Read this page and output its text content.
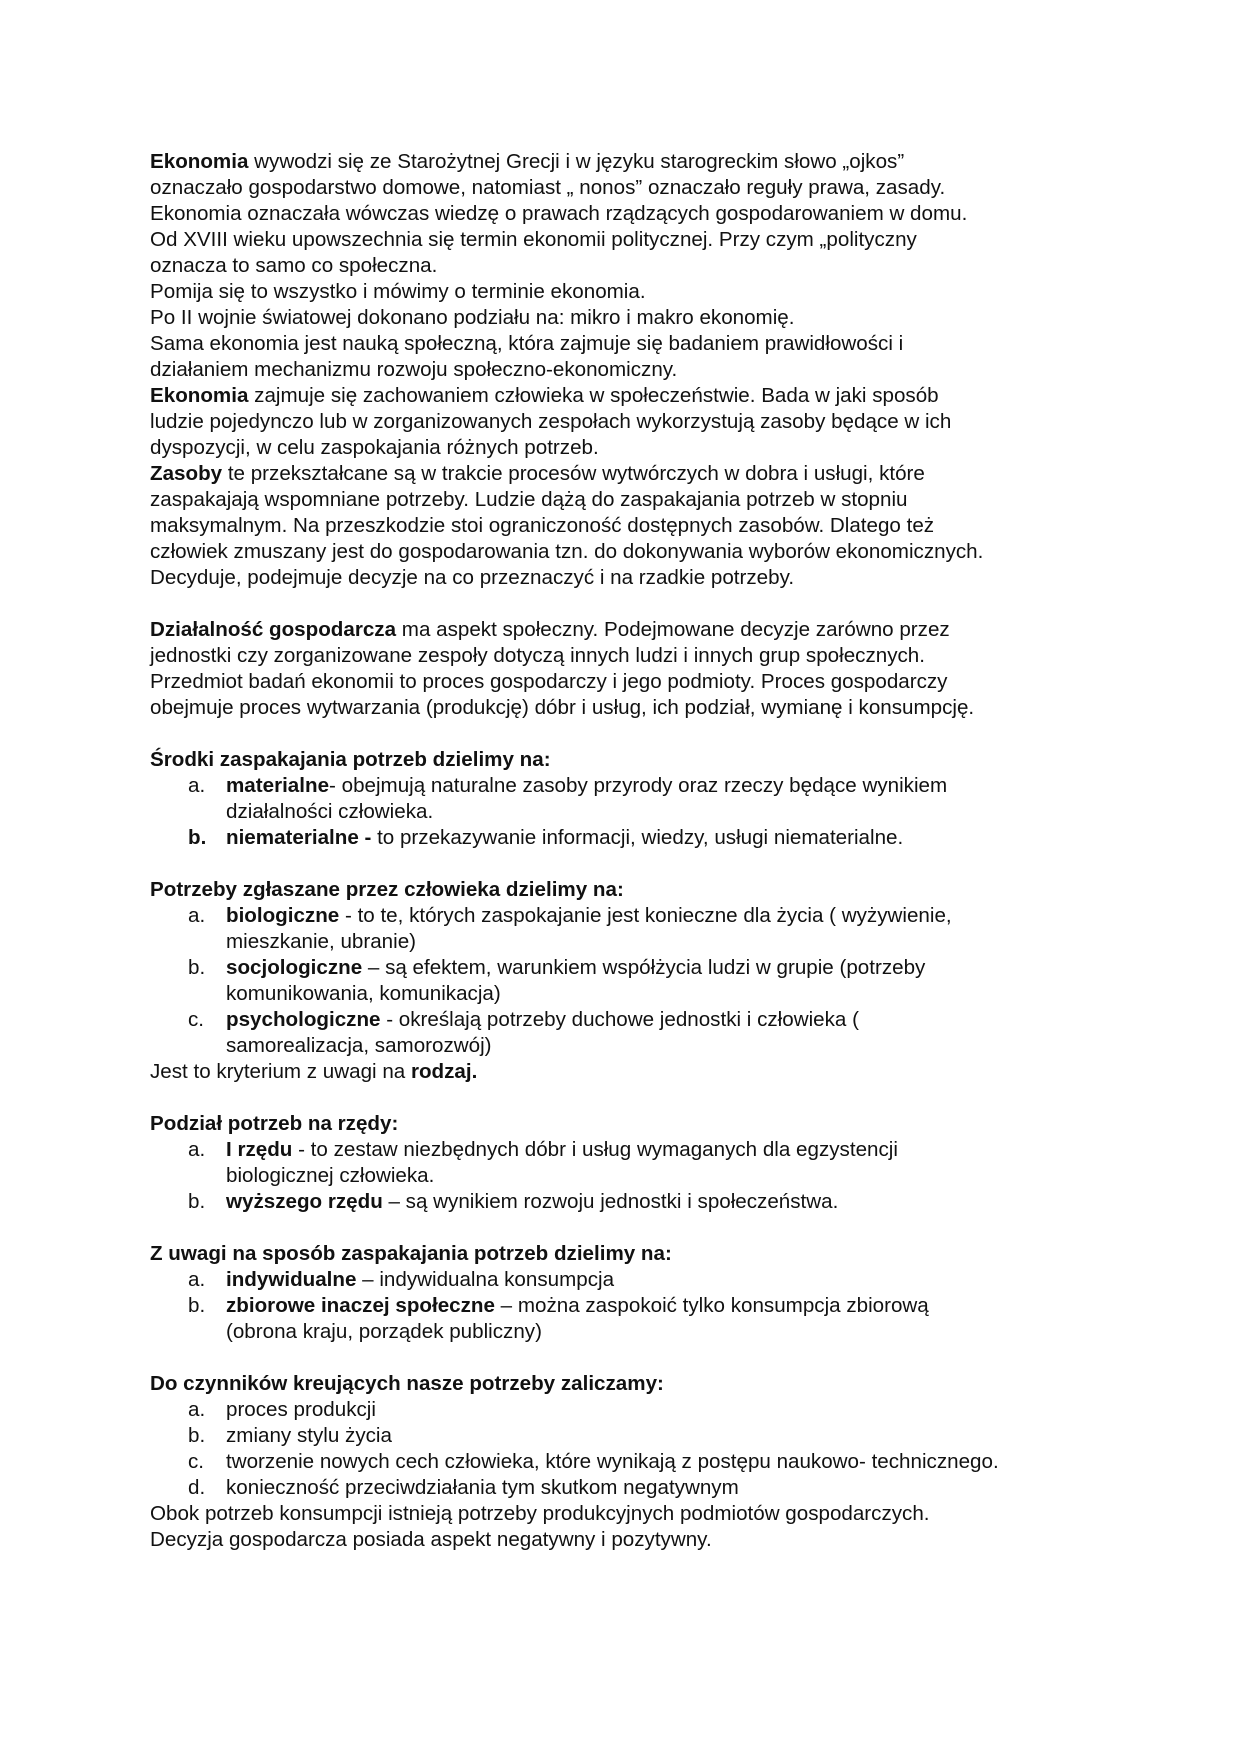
Ekonomia wywodzi się ze Starożytnej Grecji i w języku starogreckim słowo „ojkos”
oznaczało gospodarstwo domowe, natomiast „ nonos” oznaczało reguły prawa, zasady.
Ekonomia oznaczała wówczas wiedzę o prawach rządzących gospodarowaniem w domu.
Od XVIII wieku upowszechnia się termin ekonomii politycznej. Przy czym „polityczny
oznacza to samo co społeczna.
Pomija się to wszystko i mówimy o terminie ekonomia.
Po II wojnie światowej dokonano podziału na: mikro i makro ekonomię.
Sama ekonomia jest nauką społeczną, która zajmuje się badaniem prawidłowości i
działaniem mechanizmu rozwoju społeczno-ekonomiczny.
Ekonomia zajmuje się zachowaniem człowieka w społeczeństwie. Bada w jaki sposób
ludzie pojedynczo lub w zorganizowanych zespołach wykorzystują zasoby będące w ich
dyspozycji, w celu zaspokajania różnych potrzeb.
Zasoby te przekształcane są w trakcie procesów wytwórczych w dobra i usługi, które
zaspakajają wspomniane potrzeby. Ludzie dążą do zaspakajania potrzeb w stopniu
maksymalnym. Na przeszkodzie stoi ograniczoność dostępnych zasobów. Dlatego też
człowiek zmuszany jest do gospodarowania tzn. do dokonywania wyborów ekonomicznych.
Decyduje, podejmuje decyzje na co przeznaczyć i na rzadkie potrzeby.
Działalność gospodarcza ma aspekt społeczny. Podejmowane decyzje zarówno przez
jednostki czy zorganizowane zespoły dotyczą innych ludzi i innych grup społecznych.
Przedmiot badań ekonomii to proces gospodarczy i jego podmioty. Proces gospodarczy
obejmuje proces wytwarzania (produkcję) dóbr i usług, ich podział, wymianę i konsumpcję.
Środki zaspakajania potrzeb dzielimy na:
a. materialne- obejmują naturalne zasoby przyrody oraz rzeczy będące wynikiem
działalności człowieka.
b. niematerialne - to przekazywanie informacji, wiedzy, usługi niematerialne.
Potrzeby zgłaszane przez człowieka dzielimy na:
a. biologiczne - to te, których zaspokajanie jest konieczne dla życia ( wyżywienie,
mieszkanie, ubranie)
b. socjologiczne – są efektem, warunkiem współżycia ludzi w grupie (potrzeby
komunikowania, komunikacja)
c. psychologiczne - określają potrzeby duchowe jednostki i człowieka (
samorealizacja, samorozwój)
Jest to kryterium z uwagi na rodzaj.
Podział potrzeb na rzędy:
a. I rzędu - to zestaw niezbędnych dóbr i usług wymaganych dla egzystencji
biologicznej człowieka.
b. wyższego rzędu – są wynikiem rozwoju jednostki i społeczeństwa.
Z uwagi na sposób zaspakajania potrzeb dzielimy na:
a. indywidualne – indywidualna konsumpcja
b. zbiorowe inaczej społeczne – można zaspokoić tylko konsumpcja zbiorową
(obrona kraju, porządek publiczny)
Do czynników kreujących nasze potrzeby zaliczamy:
a. proces produkcji
b. zmiany stylu życia
c. tworzenie nowych cech człowieka, które wynikają z postępu naukowo- technicznego.
d. konieczność przeciwdziałania tym skutkom negatywnym
Obok potrzeb konsumpcji istnieją potrzeby produkcyjnych podmiotów gospodarczych.
Decyzja gospodarcza posiada aspekt negatywny i pozytywny.
